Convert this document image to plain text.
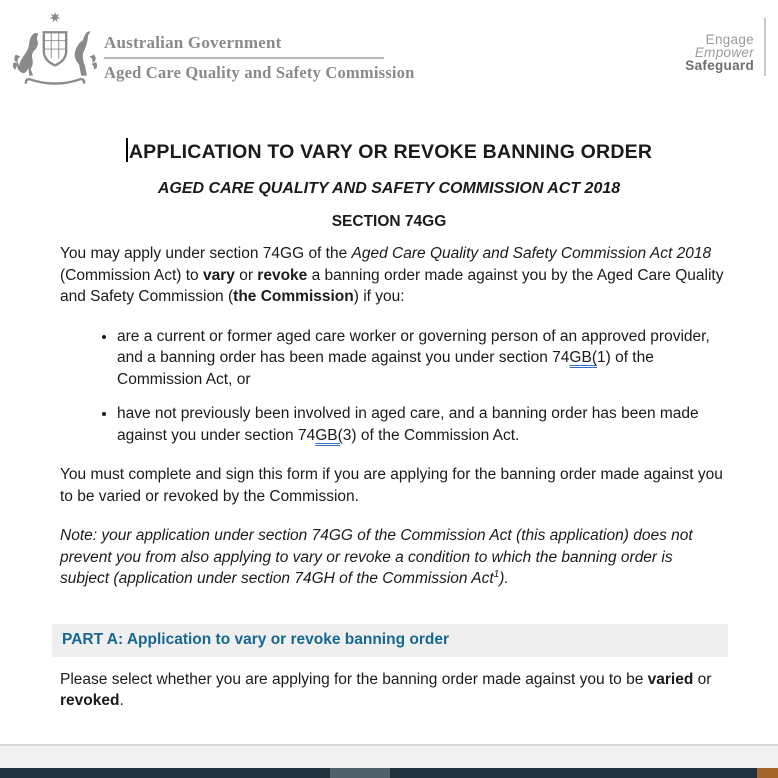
Australian Government
Aged Care Quality and Safety Commission
Engage
Empower
Safeguard
APPLICATION TO VARY OR REVOKE BANNING ORDER
AGED CARE QUALITY AND SAFETY COMMISSION ACT 2018
SECTION 74GG

You may apply under section 74GG of the Aged Care Quality and Safety Commission Act 2018 (Commission Act) to vary or revoke a banning order made against you by the Aged Care Quality and Safety Commission (the Commission) if you:

• are a current or former aged care worker or governing person of an approved provider, and a banning order has been made against you under section 74GB(1) of the Commission Act, or
• have not previously been involved in aged care, and a banning order has been made against you under section 74GB(3) of the Commission Act.

You must complete and sign this form if you are applying for the banning order made against you to be varied or revoked by the Commission.

Note: your application under section 74GG of the Commission Act (this application) does not prevent you from also applying to vary or revoke a condition to which the banning order is subject (application under section 74GH of the Commission Act$^1$).

PART A: Application to vary or revoke banning order

Please select whether you are applying for the banning order made against you to be varied or revoked.
